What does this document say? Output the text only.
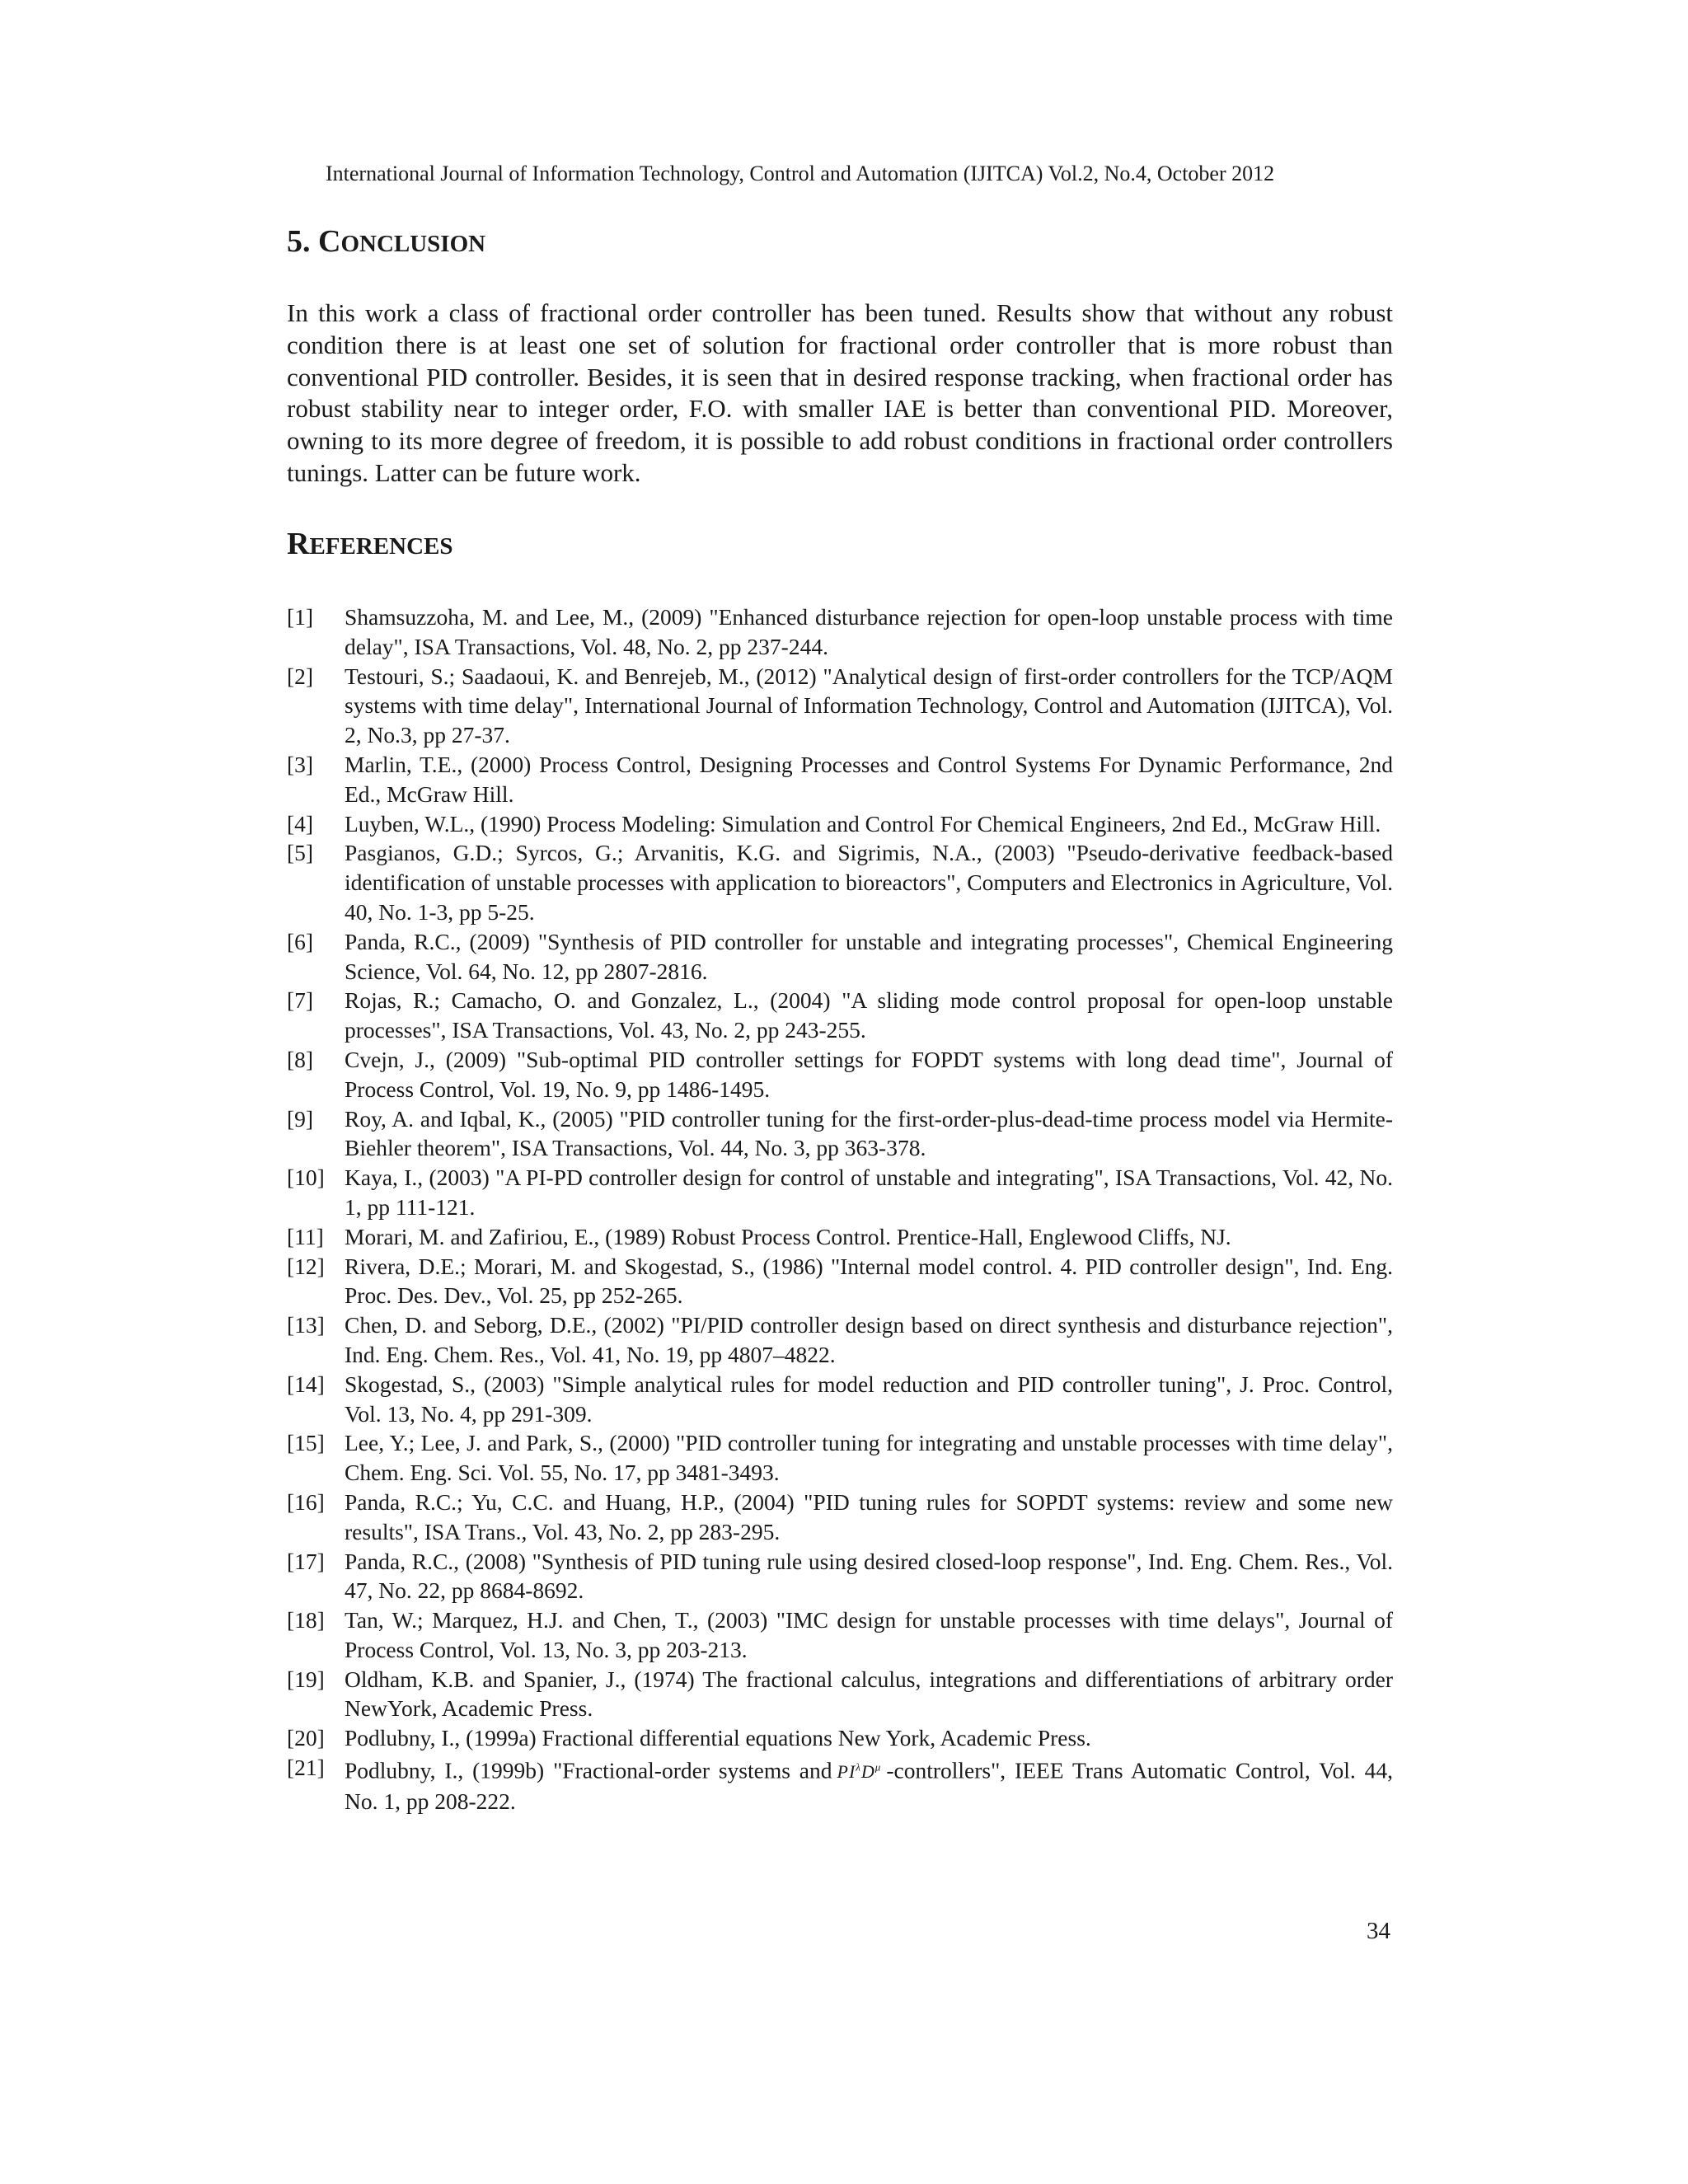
International Journal of Information Technology, Control and Automation (IJITCA) Vol.2, No.4, October 2012
5. CONCLUSION

In this work a class of fractional order controller has been tuned. Results show that without any robust condition there is at least one set of solution for fractional order controller that is more robust than conventional PID controller. Besides, it is seen that in desired response tracking, when fractional order has robust stability near to integer order, F.O. with smaller IAE is better than conventional PID. Moreover, owning to its more degree of freedom, it is possible to add robust conditions in fractional order controllers tunings. Latter can be future work.

REFERENCES
[1] Shamsuzzoha, M. and Lee, M., (2009) "Enhanced disturbance rejection for open-loop unstable process with time delay", ISA Transactions, Vol. 48, No. 2, pp 237-244.
[2] Testouri, S.; Saadaoui, K. and Benrejeb, M., (2012) "Analytical design of first-order controllers for the TCP/AQM systems with time delay", International Journal of Information Technology, Control and Automation (IJITCA), Vol. 2, No.3, pp 27-37.
[3] Marlin, T.E., (2000) Process Control, Designing Processes and Control Systems For Dynamic Performance, 2nd Ed., McGraw Hill.
[4] Luyben, W.L., (1990) Process Modeling: Simulation and Control For Chemical Engineers, 2nd Ed., McGraw Hill.
[5] Pasgianos, G.D.; Syrcos, G.; Arvanitis, K.G. and Sigrimis, N.A., (2003) "Pseudo-derivative feedback-based identification of unstable processes with application to bioreactors", Computers and Electronics in Agriculture, Vol. 40, No. 1-3, pp 5-25.
[6] Panda, R.C., (2009) "Synthesis of PID controller for unstable and integrating processes", Chemical Engineering Science, Vol. 64, No. 12, pp 2807-2816.
[7] Rojas, R.; Camacho, O. and Gonzalez, L., (2004) "A sliding mode control proposal for open-loop unstable processes", ISA Transactions, Vol. 43, No. 2, pp 243-255.
[8] Cvejn, J., (2009) "Sub-optimal PID controller settings for FOPDT systems with long dead time", Journal of Process Control, Vol. 19, No. 9, pp 1486-1495.
[9] Roy, A. and Iqbal, K., (2005) "PID controller tuning for the first-order-plus-dead-time process model via Hermite-Biehler theorem", ISA Transactions, Vol. 44, No. 3, pp 363-378.
[10] Kaya, I., (2003) "A PI-PD controller design for control of unstable and integrating", ISA Transactions, Vol. 42, No. 1, pp 111-121.
[11] Morari, M. and Zafiriou, E., (1989) Robust Process Control. Prentice-Hall, Englewood Cliffs, NJ.
[12] Rivera, D.E.; Morari, M. and Skogestad, S., (1986) "Internal model control. 4. PID controller design", Ind. Eng. Proc. Des. Dev., Vol. 25, pp 252-265.
[13] Chen, D. and Seborg, D.E., (2002) "PI/PID controller design based on direct synthesis and disturbance rejection", Ind. Eng. Chem. Res., Vol. 41, No. 19, pp 4807–4822.
[14] Skogestad, S., (2003) "Simple analytical rules for model reduction and PID controller tuning", J. Proc. Control, Vol. 13, No. 4, pp 291-309.
[15] Lee, Y.; Lee, J. and Park, S., (2000) "PID controller tuning for integrating and unstable processes with time delay", Chem. Eng. Sci. Vol. 55, No. 17, pp 3481-3493.
[16] Panda, R.C.; Yu, C.C. and Huang, H.P., (2004) "PID tuning rules for SOPDT systems: review and some new results", ISA Trans., Vol. 43, No. 2, pp 283-295.
[17] Panda, R.C., (2008) "Synthesis of PID tuning rule using desired closed-loop response", Ind. Eng. Chem. Res., Vol. 47, No. 22, pp 8684-8692.
[18] Tan, W.; Marquez, H.J. and Chen, T., (2003) "IMC design for unstable processes with time delays", Journal of Process Control, Vol. 13, No. 3, pp 203-213.
[19] Oldham, K.B. and Spanier, J., (1974) The fractional calculus, integrations and differentiations of arbitrary order NewYork, Academic Press.
[20] Podlubny, I., (1999a) Fractional differential equations New York, Academic Press.
[21] Podlubny, I., (1999b) "Fractional-order systems and $PI^\lambda D^\mu$ -controllers", IEEE Trans Automatic Control, Vol. 44, No. 1, pp 208-222.
34
